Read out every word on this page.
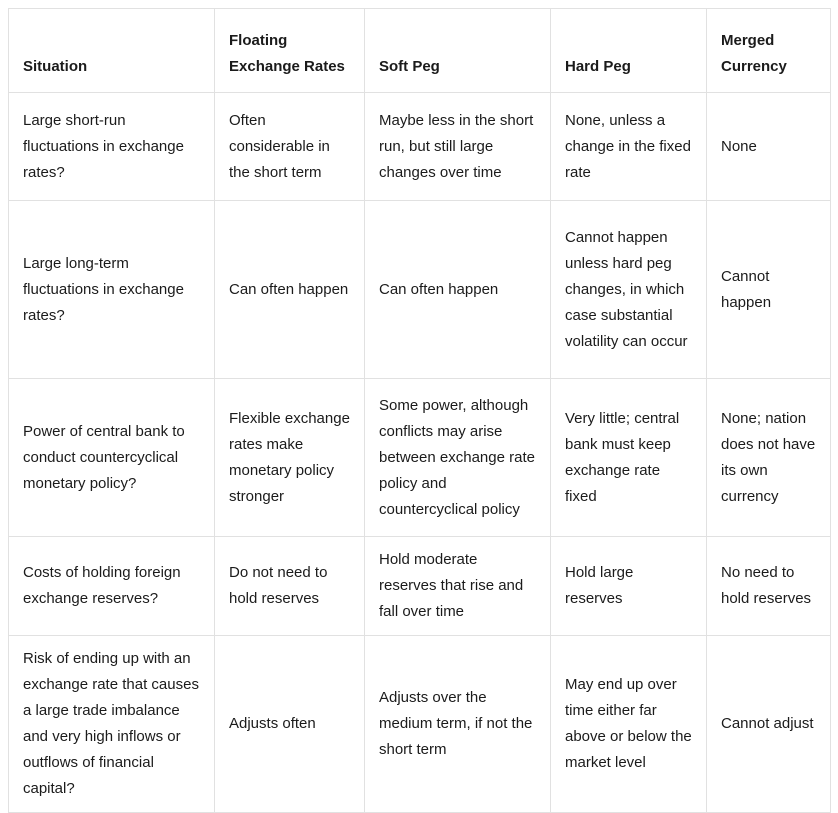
Situation	Floating Exchange Rates	Soft Peg	Hard Peg	Merged Currency
Large short-run fluctuations in exchange rates?	Often considerable in the short term	Maybe less in the short run, but still large changes over time	None, unless a change in the fixed rate	None
Large long-term fluctuations in exchange rates?	Can often happen	Can often happen	Cannot happen unless hard peg changes, in which case substantial volatility can occur	Cannot happen
Power of central bank to conduct countercyclical monetary policy?	Flexible exchange rates make monetary policy stronger	Some power, although conflicts may arise between exchange rate policy and countercyclical policy	Very little; central bank must keep exchange rate fixed	None; nation does not have its own currency
Costs of holding foreign exchange reserves?	Do not need to hold reserves	Hold moderate reserves that rise and fall over time	Hold large reserves	No need to hold reserves
Risk of ending up with an exchange rate that causes a large trade imbalance and very high inflows or outflows of financial capital?	Adjusts often	Adjusts over the medium term, if not the short term	May end up over time either far above or below the market level	Cannot adjust
